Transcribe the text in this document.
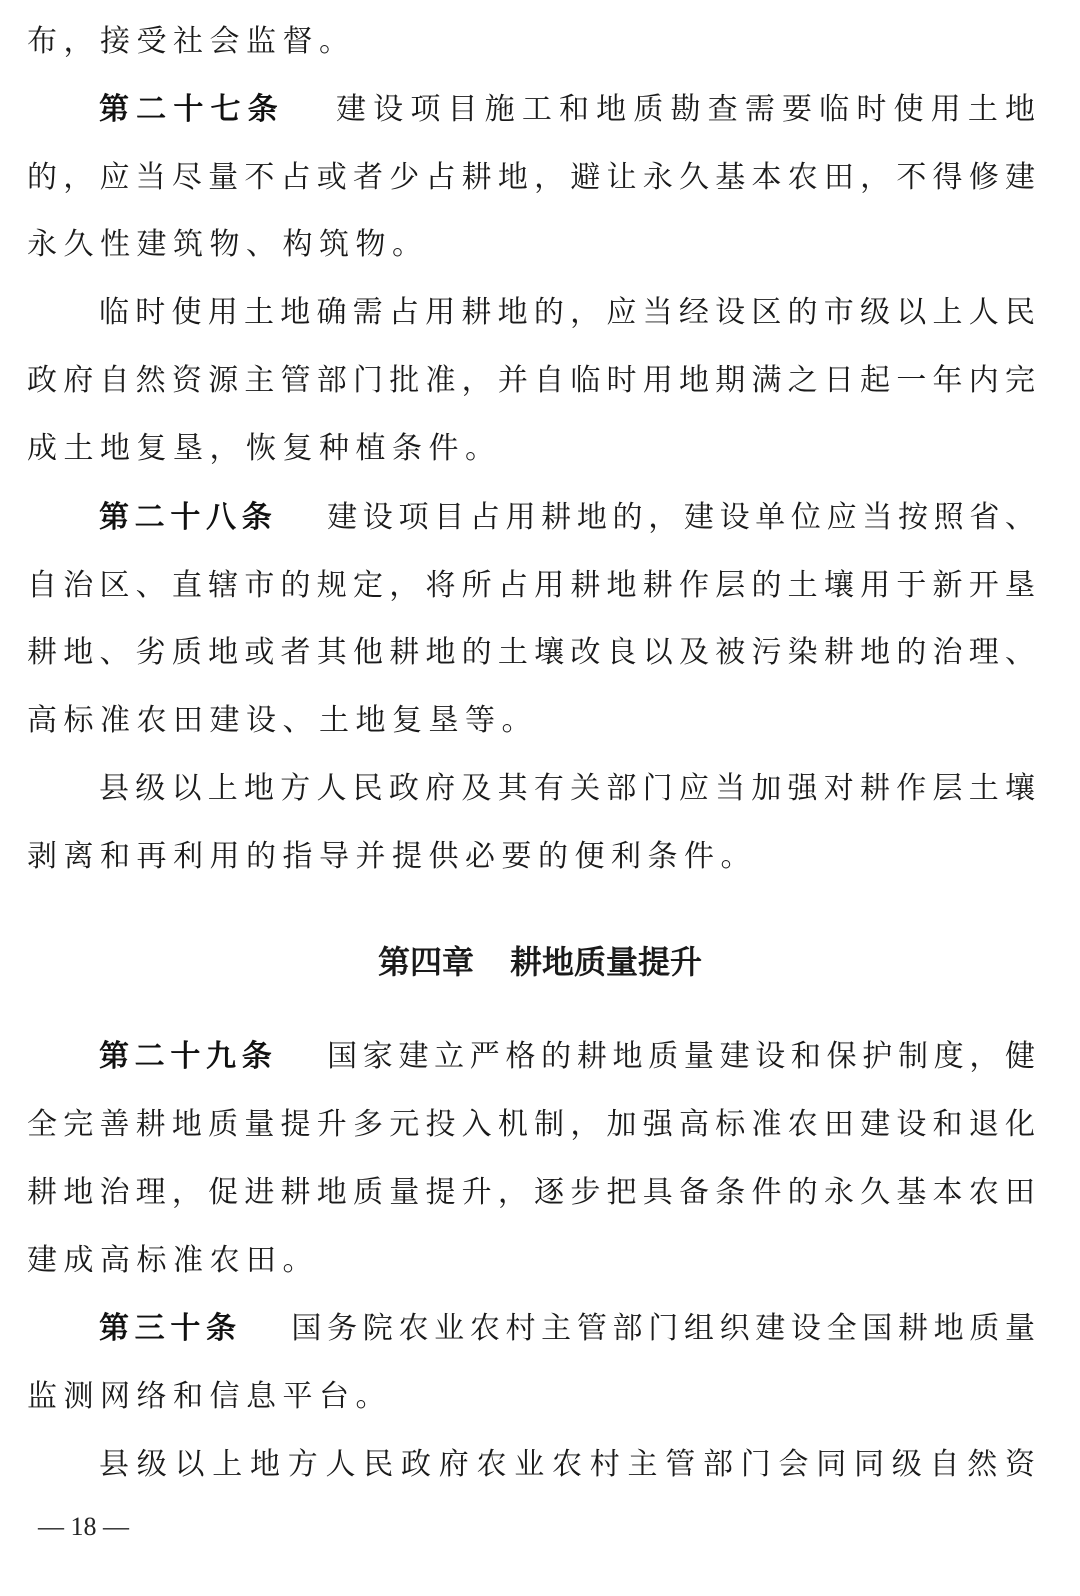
布，接受社会监督。
第二十七条 建设项目施工和地质勘查需要临时使用土地
的，应当尽量不占或者少占耕地，避让永久基本农田，不得修建
永久性建筑物、构筑物。
临时使用土地确需占用耕地的，应当经设区的市级以上人民
政府自然资源主管部门批准，并自临时用地期满之日起一年内完
成土地复垦，恢复种植条件。
第二十八条 建设项目占用耕地的，建设单位应当按照省、
自治区、直辖市的规定，将所占用耕地耕作层的土壤用于新开垦
耕地、劣质地或者其他耕地的土壤改良以及被污染耕地的治理、
高标准农田建设、土地复垦等。
县级以上地方人民政府及其有关部门应当加强对耕作层土壤
剥离和再利用的指导并提供必要的便利条件。
第四章 耕地质量提升
第二十九条 国家建立严格的耕地质量建设和保护制度，健
全完善耕地质量提升多元投入机制，加强高标准农田建设和退化
耕地治理，促进耕地质量提升，逐步把具备条件的永久基本农田
建成高标准农田。
第三十条 国务院农业农村主管部门组织建设全国耕地质量
监测网络和信息平台。
县级以上地方人民政府农业农村主管部门会同同级自然资
— 18 —
